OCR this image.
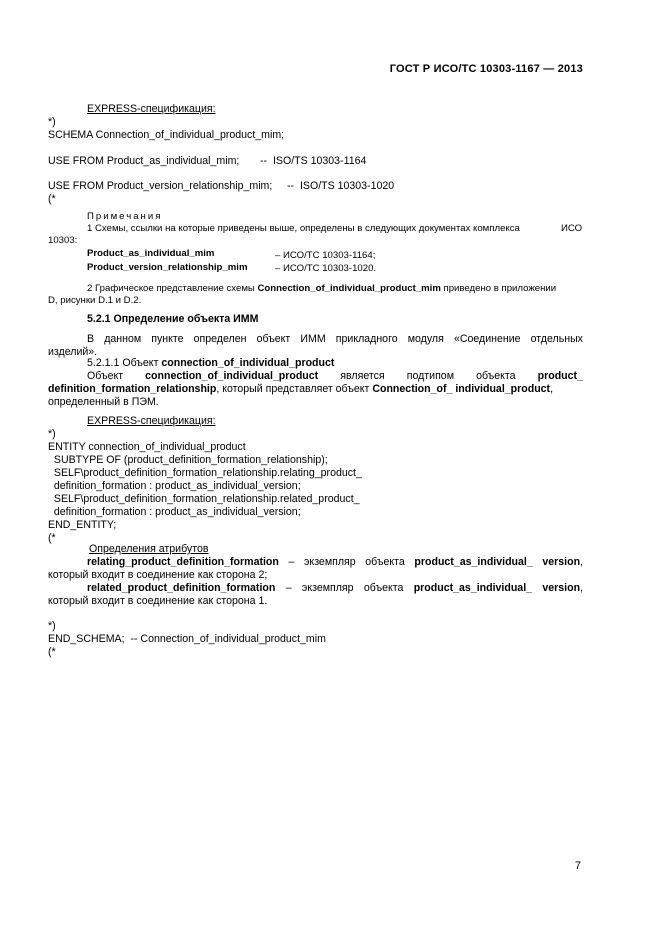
ГОСТ Р ИСО/ТС 10303-1167 — 2013
EXPRESS-спецификация:
*)
SCHEMA Connection_of_individual_product_mim;
USE FROM Product_as_individual_mim; --  ISO/TS 10303-1164
USE FROM Product_version_relationship_mim; --  ISO/TS 10303-1020
(*
Примечания
1 Схемы, ссылки на которые приведены выше, определены в следующих документах комплекса	ИСО
10303:
Product_as_individual_mim	– ИСО/ТС 10303-1164;
Product_version_relationship_mim	– ИСО/ТС 10303-1020.
2 Графическое представление схемы Connection_of_individual_product_mim приведено в приложении
D, рисунки D.1 и D.2.
5.2.1 Определение объекта ИММ
В данном пункте определен объект ИММ прикладного модуля «Соединение отдельных
изделий».
5.2.1.1 Объект connection_of_individual_product
Объект connection_of_individual_product является подтипом объекта product_
definition_formation_relationship, который представляет объект Connection_of_ individual_product,
определенный в ПЭМ.
EXPRESS-спецификация:
*)
ENTITY connection_of_individual_product
SUBTYPE OF (product_definition_formation_relationship);
SELF\product_definition_formation_relationship.relating_product_
definition_formation : product_as_individual_version;
SELF\product_definition_formation_relationship.related_product_
definition_formation : product_as_individual_version;
END_ENTITY;
(*
Определения атрибутов
relating_product_definition_formation – экземпляр объекта product_as_individual_ version,
который входит в соединение как сторона 2;
related_product_definition_formation – экземпляр объекта product_as_individual_ version,
который входит в соединение как сторона 1.
*)
END_SCHEMA; -- Connection_of_individual_product_mim
(*
7
